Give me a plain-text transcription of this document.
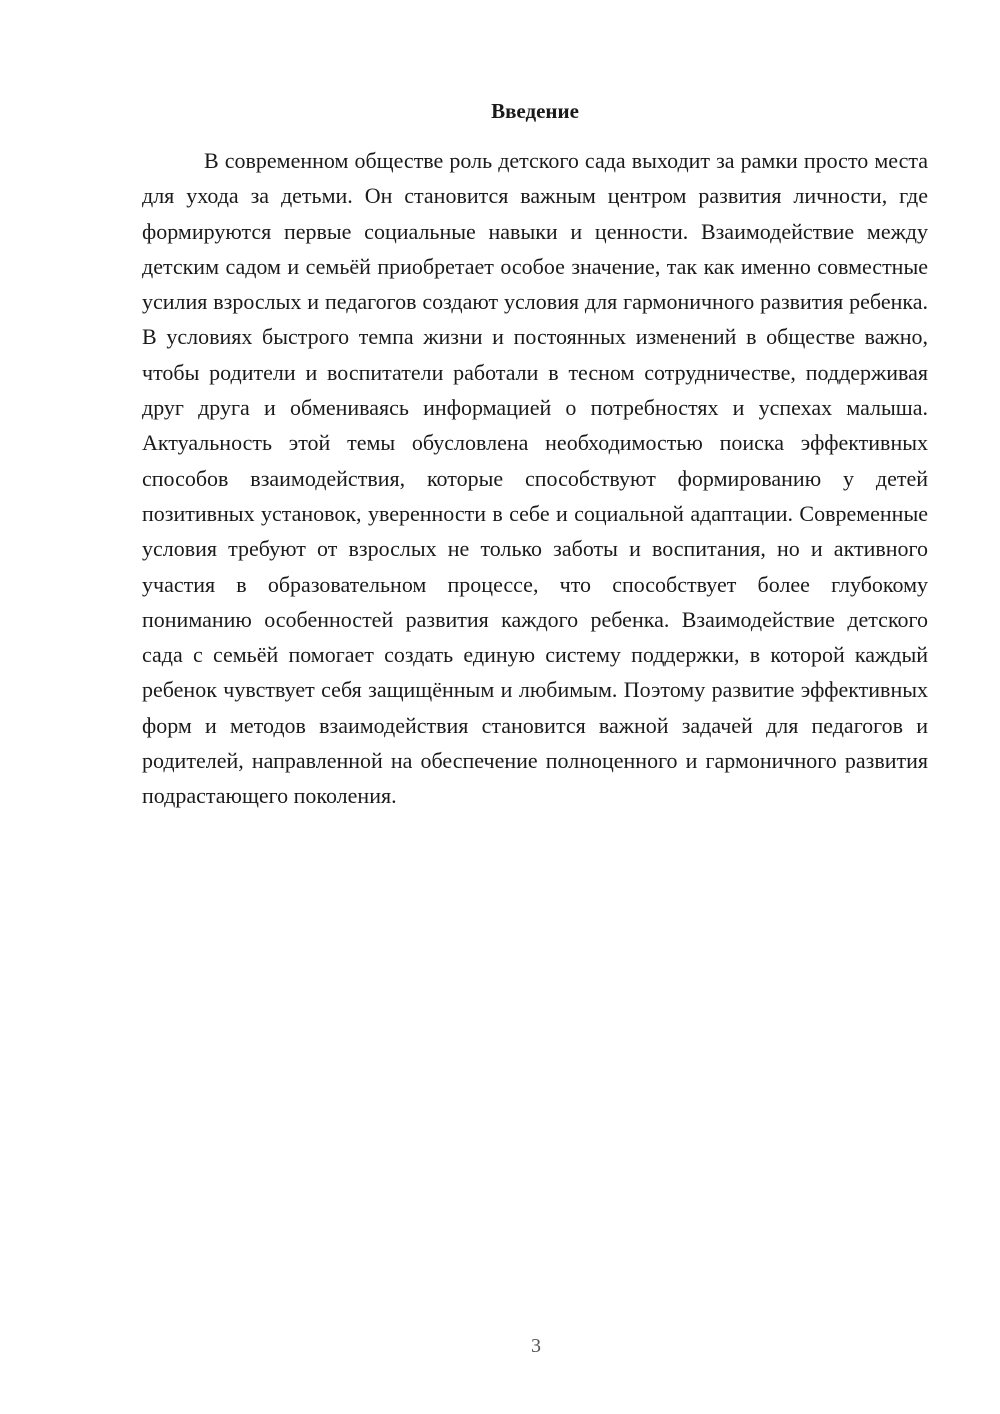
Введение

В современном обществе роль детского сада выходит за рамки просто места для ухода за детьми. Он становится важным центром развития личности, где формируются первые социальные навыки и ценности. Взаимодействие между детским садом и семьёй приобретает особое значение, так как именно совместные усилия взрослых и педагогов создают условия для гармоничного развития ребенка. В условиях быстрого темпа жизни и постоянных изменений в обществе важно, чтобы родители и воспитатели работали в тесном сотрудничестве, поддерживая друг друга и обмениваясь информацией о потребностях и успехах малыша. Актуальность этой темы обусловлена необходимостью поиска эффективных способов взаимодействия, которые способствуют формированию у детей позитивных установок, уверенности в себе и социальной адаптации. Современные условия требуют от взрослых не только заботы и воспитания, но и активного участия в образовательном процессе, что способствует более глубокому пониманию особенностей развития каждого ребенка. Взаимодействие детского сада с семьёй помогает создать единую систему поддержки, в которой каждый ребенок чувствует себя защищённым и любимым. Поэтому развитие эффективных форм и методов взаимодействия становится важной задачей для педагогов и родителей, направленной на обеспечение полноценного и гармоничного развития подрастающего поколения.

3
